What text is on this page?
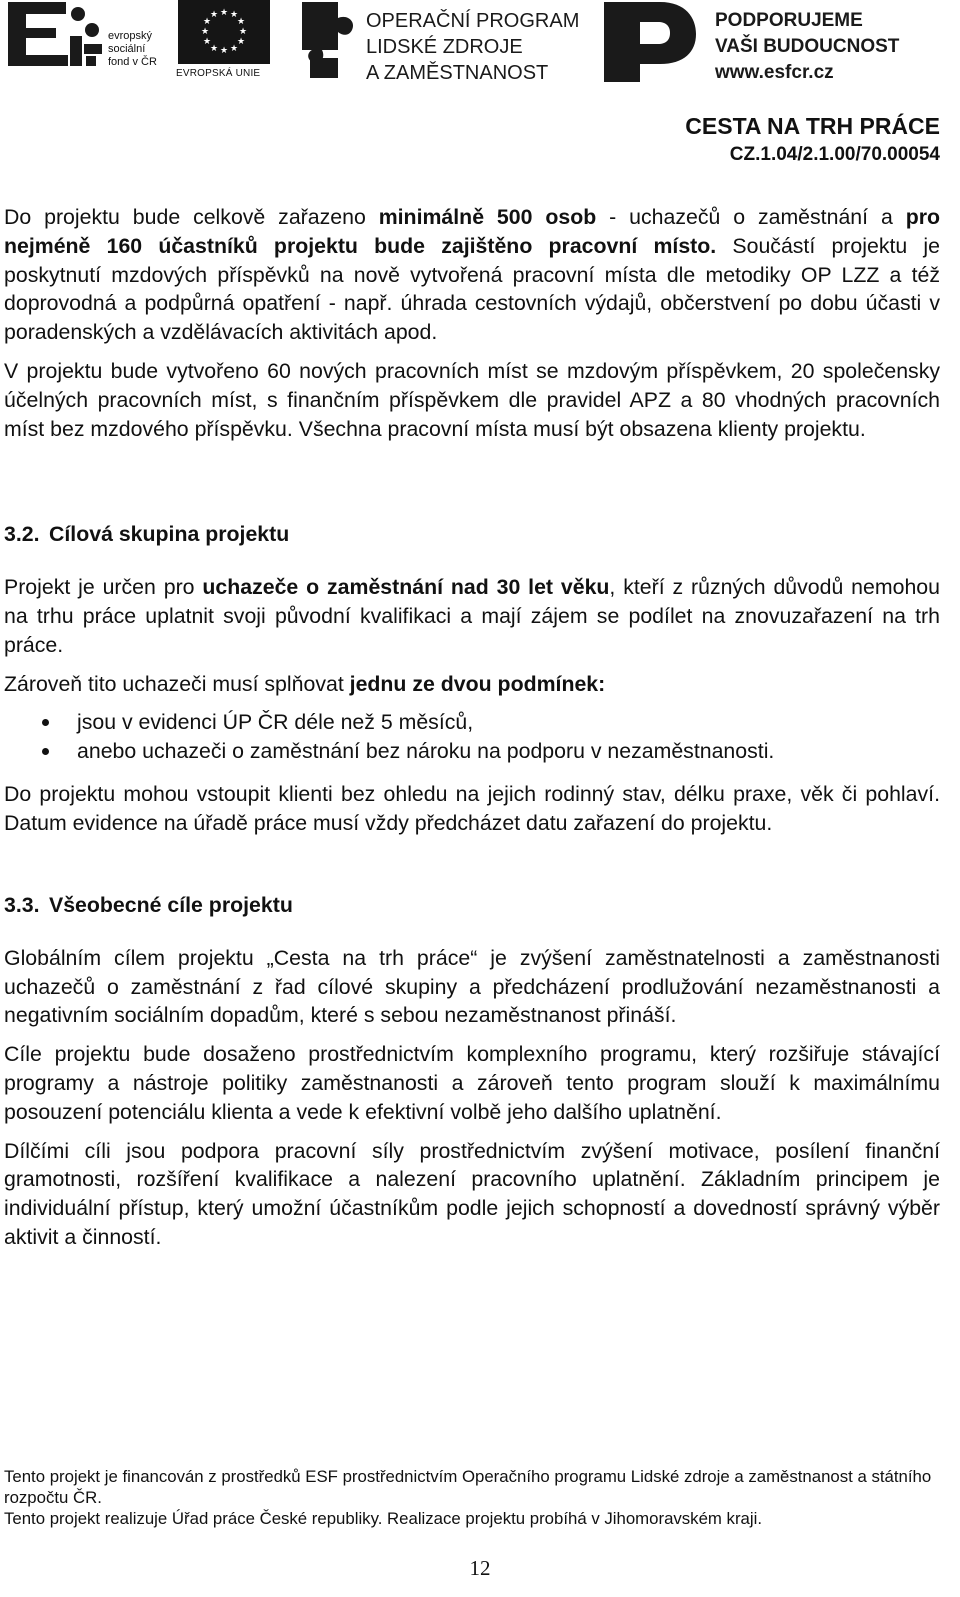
evropský
sociální
fond v ČR
★ ★
★
★
★
★
★
★
★
★
★
★
EVROPSKÁ UNIE
OPERAČNÍ PROGRAM
LIDSKÉ ZDROJE
A ZAMĚSTNANOST
PODPORUJEME
VAŠI BUDOUCNOST
www.esfcr.cz
CESTA NA TRH PRÁCE
CZ.1.04/2.1.00/70.00054

Do projektu bude celkově zařazeno minimálně 500 osob - uchazečů o zaměstnání a pro nejméně 160 účastníků projektu bude zajištěno pracovní místo. Součástí projektu je poskytnutí mzdových příspěvků na nově vytvořená pracovní místa dle metodiky OP LZZ a též doprovodná a podpůrná opatření - např. úhrada cestovních výdajů, občerstvení po dobu účasti v poradenských a vzdělávacích aktivitách apod.

V projektu bude vytvořeno 60 nových pracovních míst se mzdovým příspěvkem, 20 společensky účelných pracovních míst, s finančním příspěvkem dle pravidel APZ a 80 vhodných pracovních míst bez mzdového příspěvku. Všechna pracovní místa musí být obsazena klienty projektu.

3.2. Cílová skupina projektu

Projekt je určen pro uchazeče o zaměstnání nad 30 let věku, kteří z různých důvodů nemohou na trhu práce uplatnit svoji původní kvalifikaci a mají zájem se podílet na znovuzařazení na trh práce.

Zároveň tito uchazeči musí splňovat jednu ze dvou podmínek:

jsou v evidenci ÚP ČR déle než 5 měsíců,
anebo uchazeči o zaměstnání bez nároku na podporu v nezaměstnanosti.

Do projektu mohou vstoupit klienti bez ohledu na jejich rodinný stav, délku praxe, věk či pohlaví. Datum evidence na úřadě práce musí vždy předcházet datu zařazení do projektu.

3.3. Všeobecné cíle projektu

Globálním cílem projektu „Cesta na trh práce“ je zvýšení zaměstnatelnosti a zaměstnanosti uchazečů o zaměstnání z řad cílové skupiny a předcházení prodlužování nezaměstnanosti a negativním sociálním dopadům, které s sebou nezaměstnanost přináší.

Cíle projektu bude dosaženo prostřednictvím komplexního programu, který rozšiřuje stávající programy a nástroje politiky zaměstnanosti a zároveň tento program slouží k maximálnímu posouzení potenciálu klienta a vede k efektivní volbě jeho dalšího uplatnění.

Dílčími cíli jsou podpora pracovní síly prostřednictvím zvýšení motivace, posílení finanční gramotnosti, rozšíření kvalifikace a nalezení pracovního uplatnění. Základním principem je individuální přístup, který umožní účastníkům podle jejich schopností a dovedností správný výběr aktivit a činností.

Tento projekt je financován z prostředků ESF prostřednictvím Operačního programu Lidské zdroje a zaměstnanost a státního rozpočtu ČR.

Tento projekt realizuje Úřad práce České republiky. Realizace projektu probíhá v Jihomoravském kraji.

12
